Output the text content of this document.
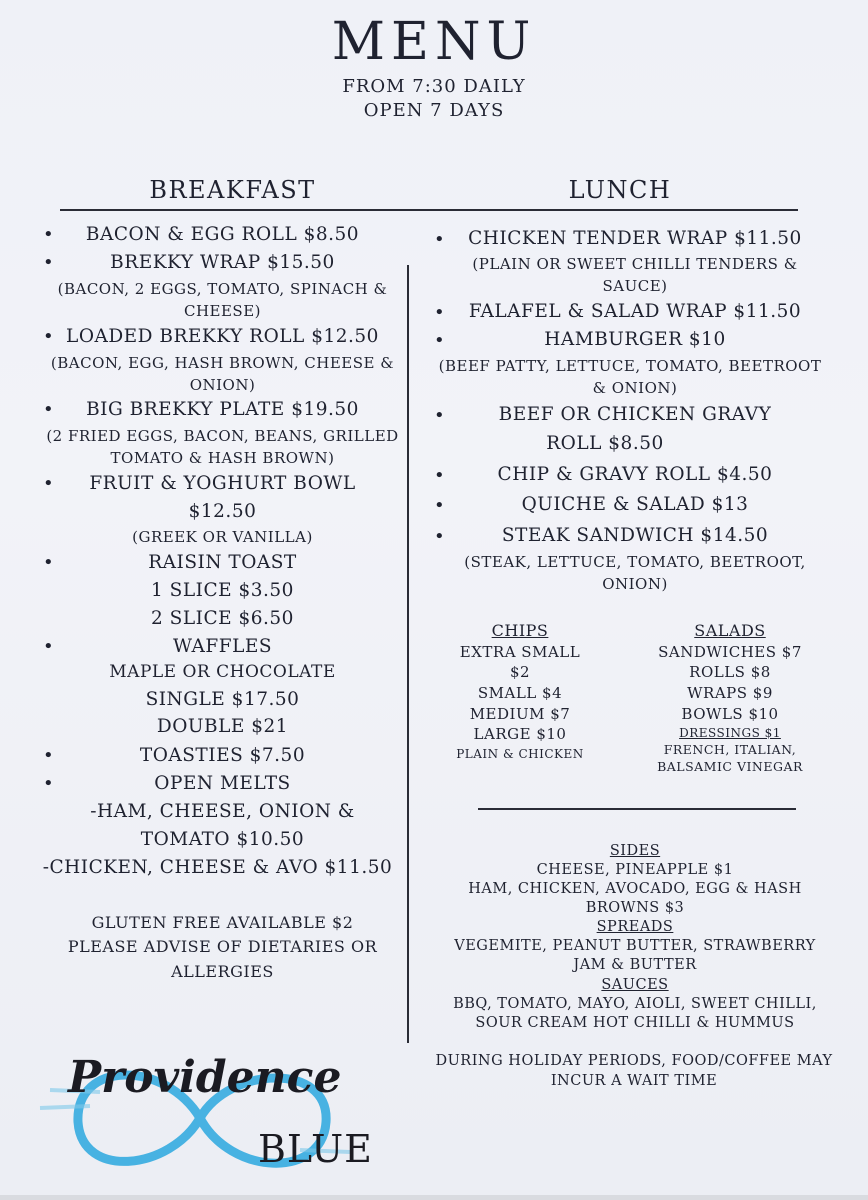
MENU
FROM 7:30 DAILY
OPEN 7 DAYS
BREAKFAST	LUNCH
BACON & EGG ROLL $8.50
BREKKY WRAP $15.50
(BACON, 2 EGGS, TOMATO, SPINACH &
CHEESE)
LOADED BREKKY ROLL $12.50
(BACON, EGG, HASH BROWN, CHEESE &
ONION)
BIG BREKKY PLATE $19.50
(2 FRIED EGGS, BACON, BEANS, GRILLED
TOMATO & HASH BROWN)
FRUIT & YOGHURT BOWL
$12.50
(GREEK OR VANILLA)
RAISIN TOAST
1 SLICE $3.50
2 SLICE $6.50
WAFFLES
MAPLE OR CHOCOLATE
SINGLE $17.50
DOUBLE $21
TOASTIES $7.50
OPEN MELTS
-HAM, CHEESE, ONION &
TOMATO $10.50
-CHICKEN, CHEESE & AVO $11.50
GLUTEN FREE AVAILABLE $2
PLEASE ADVISE OF DIETARIES OR
ALLERGIES
•
•
•
•
•
•
•
•
•
CHICKEN TENDER WRAP $11.50
(PLAIN OR SWEET CHILLI TENDERS &
SAUCE)
FALAFEL & SALAD WRAP $11.50
HAMBURGER $10
(BEEF PATTY, LETTUCE, TOMATO, BEETROOT
& ONION)
BEEF OR CHICKEN GRAVY
ROLL $8.50
CHIP & GRAVY ROLL $4.50
QUICHE & SALAD $13
STEAK SANDWICH $14.50
(STEAK, LETTUCE, TOMATO, BEETROOT,
ONION)
•
•
•
•
•
•
•
CHIPS
EXTRA SMALL
$2
SMALL $4
MEDIUM $7
LARGE $10
PLAIN & CHICKEN
SALADS
SANDWICHES $7
ROLLS $8
WRAPS $9
BOWLS $10
DRESSINGS $1
FRENCH, ITALIAN,
BALSAMIC VINEGAR
SIDES
CHEESE, PINEAPPLE $1
HAM, CHICKEN, AVOCADO, EGG & HASH
BROWNS $3
SPREADS
VEGEMITE, PEANUT BUTTER, STRAWBERRY
JAM & BUTTER
SAUCES
BBQ, TOMATO, MAYO, AIOLI, SWEET CHILLI,
SOUR CREAM HOT CHILLI & HUMMUS
DURING HOLIDAY PERIODS, FOOD/COFFEE MAY
INCUR A WAIT TIME
Providence
BLUE
